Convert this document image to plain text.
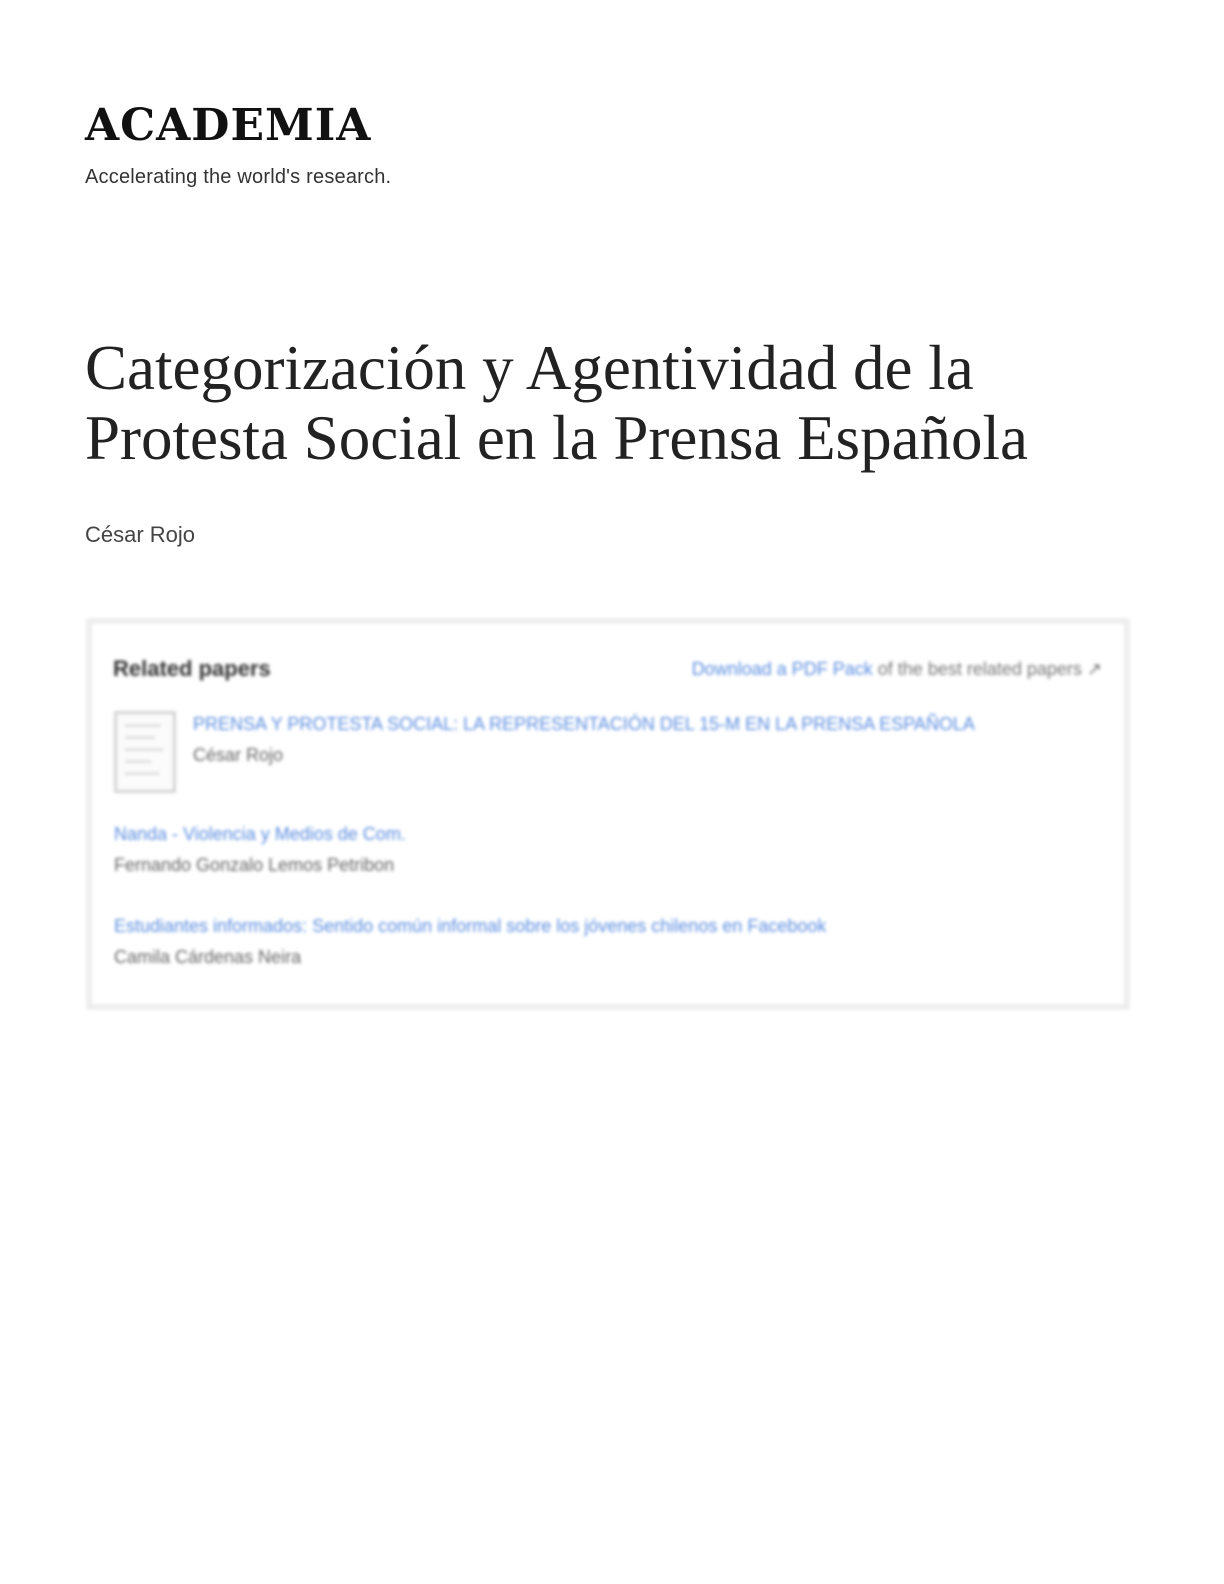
ACADEMIA
Accelerating the world's research.
Categorización y Agentividad de la
Protesta Social en la Prensa Española
César Rojo
Related papers	Download a PDF Pack of the best related papers ↗
PRENSA Y PROTESTA SOCIAL: LA REPRESENTACIÓN DEL 15-M EN LA PRENSA ESPAÑOLA
César Rojo
Nanda - Violencia y Medios de Com.
Fernando Gonzalo Lemos Petribon
Estudiantes informados: Sentido común informal sobre los jóvenes chilenos en Facebook
Camila Cárdenas Neira
